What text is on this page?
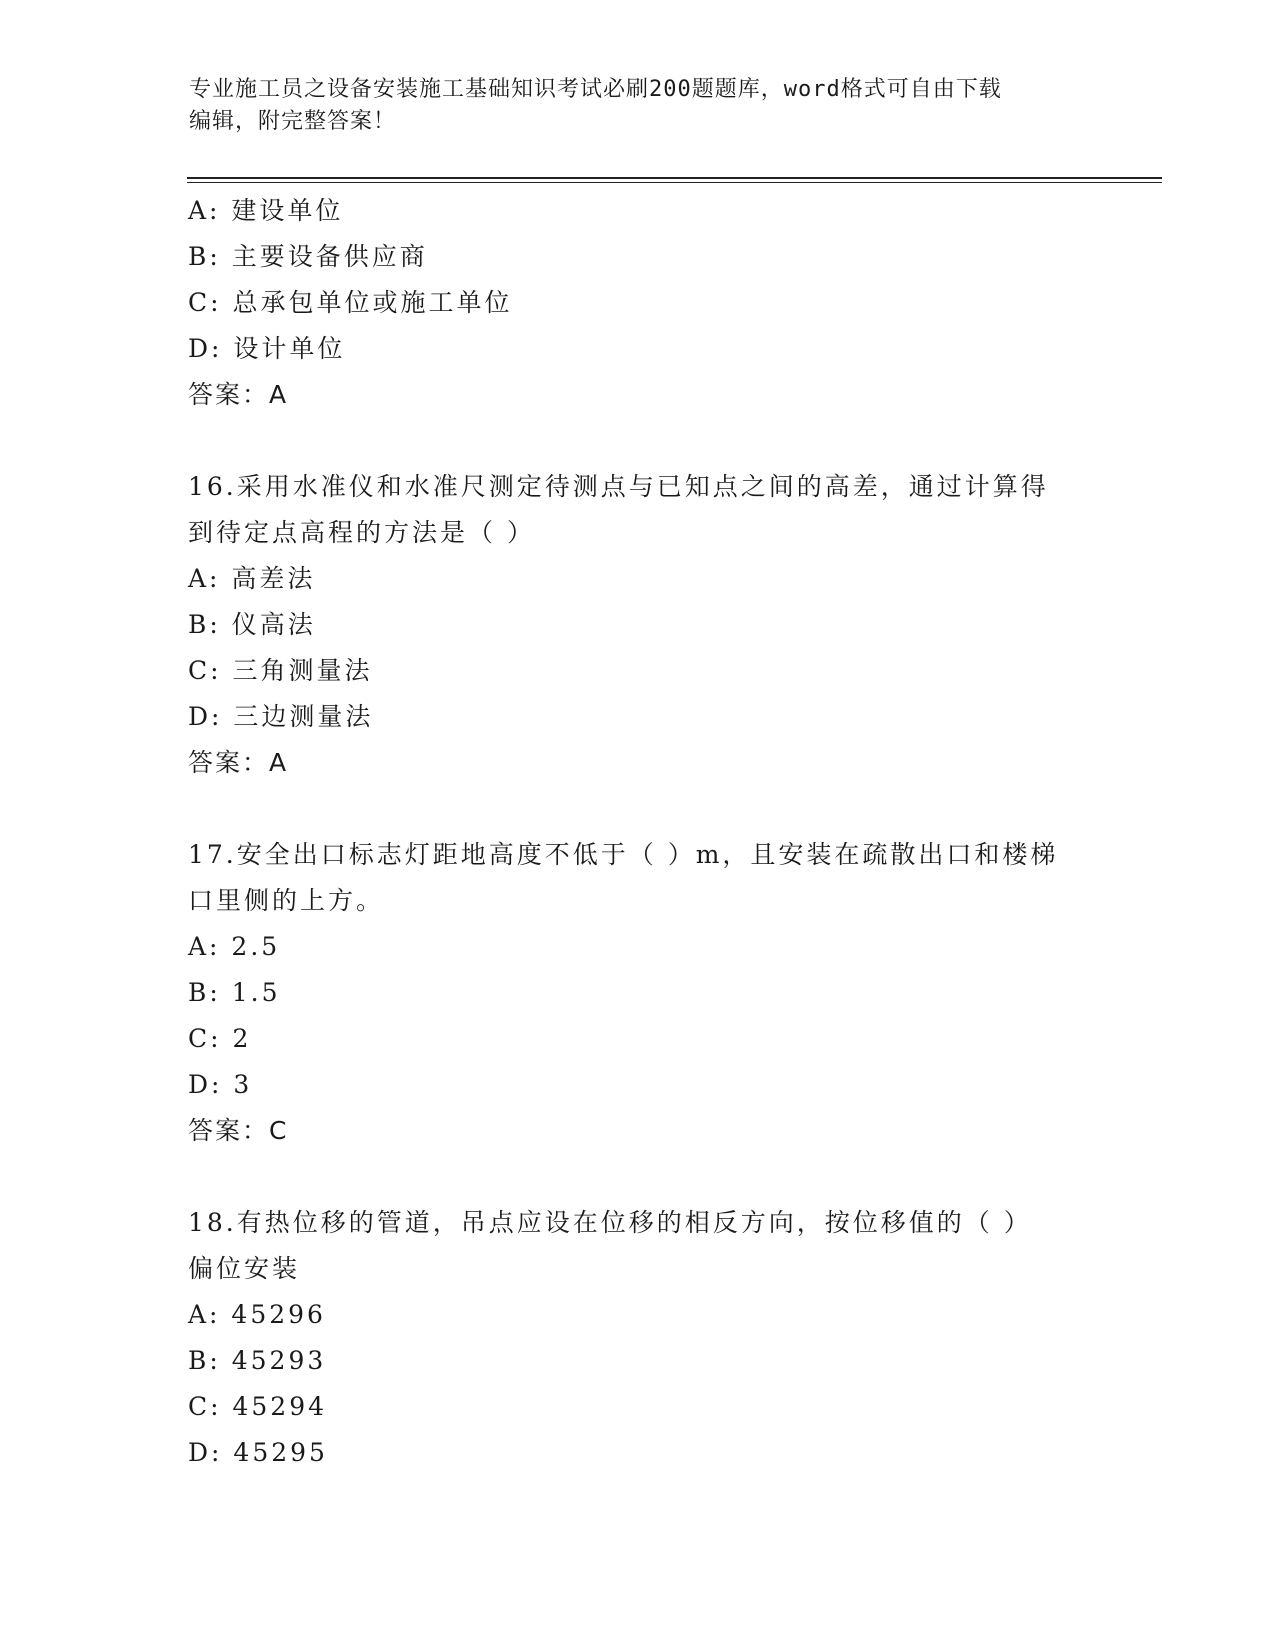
专业施工员之设备安装施工基础知识考试必刷200题题库，word格式可自由下载
编辑，附完整答案！
A: 建设单位
B: 主要设备供应商
C: 总承包单位或施工单位
D: 设计单位
答案：A
16.采用水准仪和水准尺测定待测点与已知点之间的高差，通过计算得
到待定点高程的方法是（ ）
A: 高差法
B: 仪高法
C: 三角测量法
D: 三边测量法
答案：A
17.安全出口标志灯距地高度不低于（ ）m，且安装在疏散出口和楼梯
口里侧的上方。
A: 2.5
B: 1.5
C: 2
D: 3
答案：C
18.有热位移的管道，吊点应设在位移的相反方向，按位移值的（ ）
偏位安装
A: 45296
B: 45293
C: 45294
D: 45295
